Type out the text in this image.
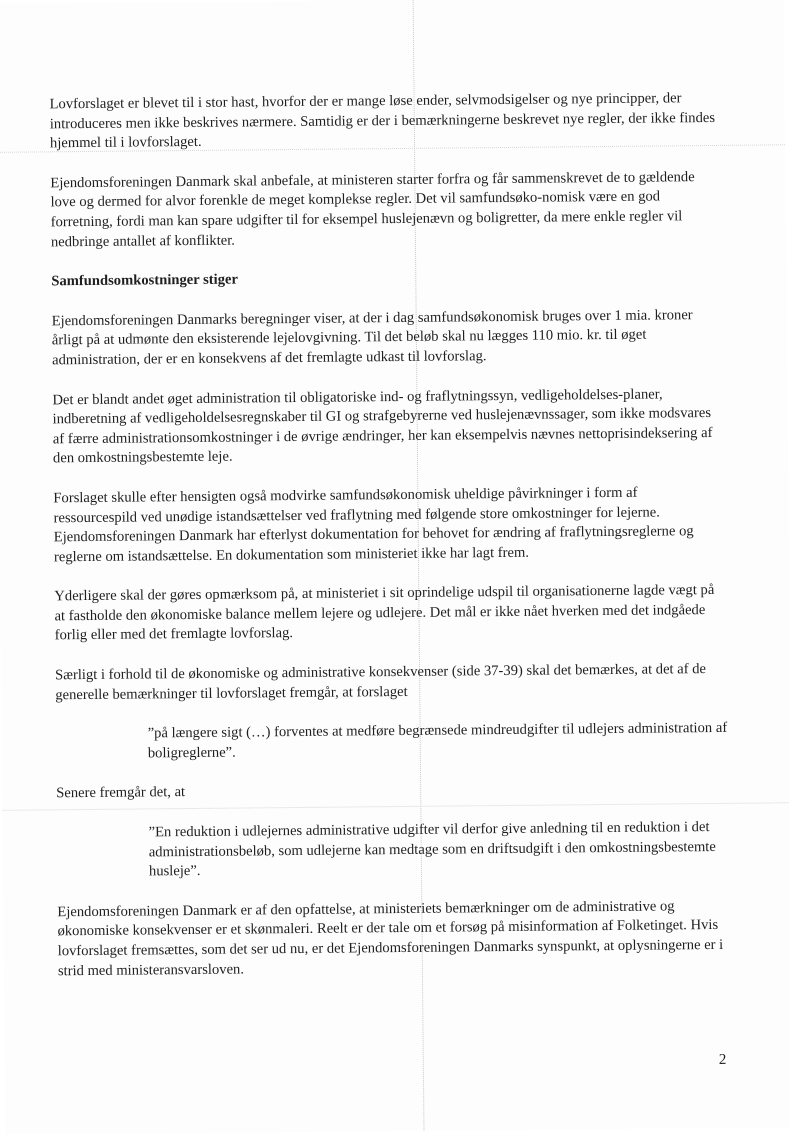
Lovforslaget er blevet til i stor hast, hvorfor der er mange løse ender, selvmodsigelser og nye principper, der introduceres men ikke beskrives nærmere. Samtidig er der i bemærkningerne beskrevet nye regler, der ikke findes hjemmel til i lovforslaget.

Ejendomsforeningen Danmark skal anbefale, at ministeren starter forfra og får sammenskrevet de to gældende love og dermed for alvor forenkle de meget komplekse regler. Det vil samfundsøko-nomisk være en god forretning, fordi man kan spare udgifter til for eksempel huslejenævn og boligretter, da mere enkle regler vil nedbringe antallet af konflikter.

Samfundsomkostninger stiger

Ejendomsforeningen Danmarks beregninger viser, at der i dag samfundsøkonomisk bruges over 1 mia. kroner årligt på at udmønte den eksisterende lejelovgivning. Til det beløb skal nu lægges 110 mio. kr. til øget administration, der er en konsekvens af det fremlagte udkast til lovforslag.

Det er blandt andet øget administration til obligatoriske ind- og fraflytningssyn, vedligeholdelses-planer, indberetning af vedligeholdelsesregnskaber til GI og strafgebyrerne ved huslejenævnssager, som ikke modsvares af færre administrationsomkostninger i de øvrige ændringer, her kan eksempelvis nævnes nettoprisindeksering af den omkostningsbestemte leje.

Forslaget skulle efter hensigten også modvirke samfundsøkonomisk uheldige påvirkninger i form af ressourcespild ved unødige istandsættelser ved fraflytning med følgende store omkostninger for lejerne. Ejendomsforeningen Danmark har efterlyst dokumentation for behovet for ændring af fraflytningsreglerne og reglerne om istandsættelse. En dokumentation som ministeriet ikke har lagt frem.

Yderligere skal der gøres opmærksom på, at ministeriet i sit oprindelige udspil til organisationerne lagde vægt på at fastholde den økonomiske balance mellem lejere og udlejere. Det mål er ikke nået hverken med det indgåede forlig eller med det fremlagte lovforslag.

Særligt i forhold til de økonomiske og administrative konsekvenser (side 37-39) skal det bemærkes, at det af de generelle bemærkninger til lovforslaget fremgår, at forslaget

”på længere sigt (…) forventes at medføre begrænsede mindreudgifter til udlejers administration af boligreglerne”.

Senere fremgår det, at

”En reduktion i udlejernes administrative udgifter vil derfor give anledning til en reduktion i det administrationsbeløb, som udlejerne kan medtage som en driftsudgift i den omkostningsbestemte husleje”.

Ejendomsforeningen Danmark er af den opfattelse, at ministeriets bemærkninger om de administrative og økonomiske konsekvenser er et skønmaleri. Reelt er der tale om et forsøg på misinformation af Folketinget. Hvis lovforslaget fremsættes, som det ser ud nu, er det Ejendomsforeningen Danmarks synspunkt, at oplysningerne er i strid med ministeransvarsloven.

2
